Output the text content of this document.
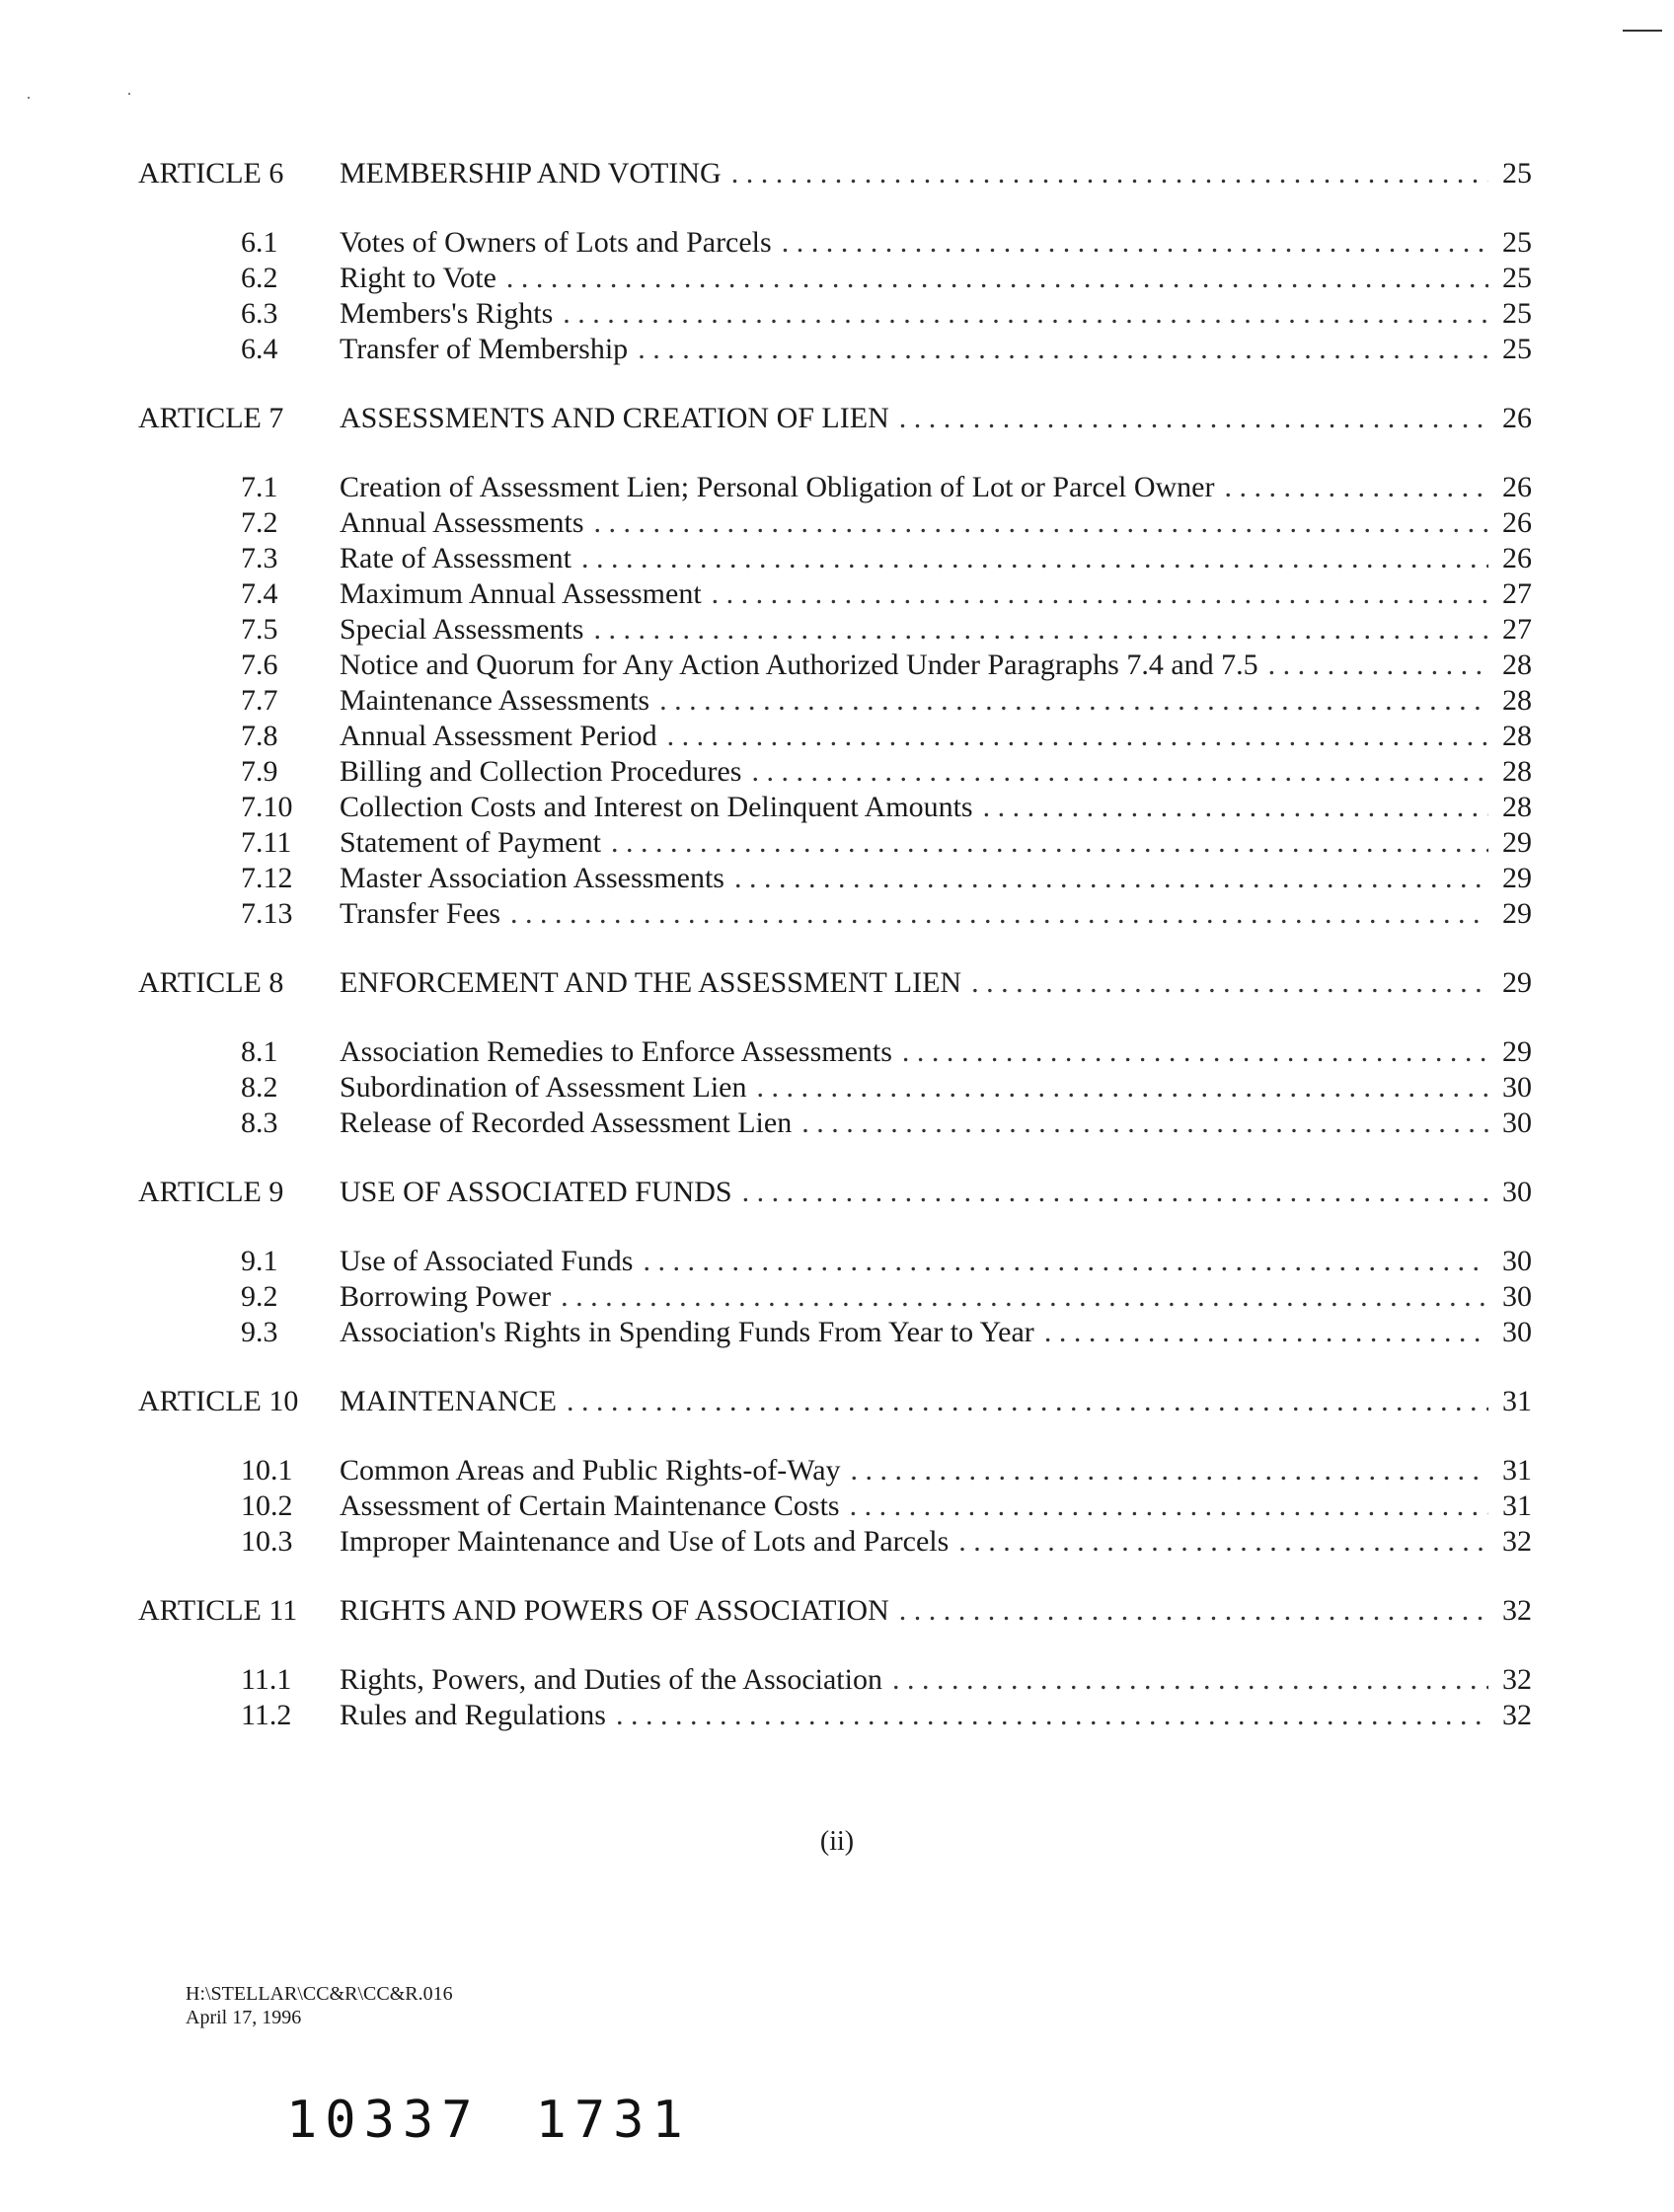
ARTICLE 6	MEMBERSHIP AND VOTING . . .	25
6.1	Votes of Owners of Lots and Parcels . . .	25
6.2	Right to Vote . . .	25
6.3	Members's Rights . . .	25
6.4	Transfer of Membership . . .	25
ARTICLE 7	ASSESSMENTS AND CREATION OF LIEN . . .	26
7.1	Creation of Assessment Lien; Personal Obligation of Lot or Parcel Owner . . .	26
7.2	Annual Assessments . . .	26
7.3	Rate of Assessment . . .	26
7.4	Maximum Annual Assessment . . .	27
7.5	Special Assessments . . .	27
7.6	Notice and Quorum for Any Action Authorized Under Paragraphs 7.4 and 7.5 . . .	28
7.7	Maintenance Assessments . . .	28
7.8	Annual Assessment Period . . .	28
7.9	Billing and Collection Procedures . . .	28
7.10	Collection Costs and Interest on Delinquent Amounts . . .	28
7.11	Statement of Payment . . .	29
7.12	Master Association Assessments . . .	29
7.13	Transfer Fees . . .	29
ARTICLE 8	ENFORCEMENT AND THE ASSESSMENT LIEN . . .	29
8.1	Association Remedies to Enforce Assessments . . .	29
8.2	Subordination of Assessment Lien . . .	30
8.3	Release of Recorded Assessment Lien . . .	30
ARTICLE 9	USE OF ASSOCIATED FUNDS . . .	30
9.1	Use of Associated Funds . . .	30
9.2	Borrowing Power . . .	30
9.3	Association's Rights in Spending Funds From Year to Year . . .	30
ARTICLE 10	MAINTENANCE . . .	31
10.1	Common Areas and Public Rights-of-Way . . .	31
10.2	Assessment of Certain Maintenance Costs . . .	31
10.3	Improper Maintenance and Use of Lots and Parcels . . .	32
ARTICLE 11	RIGHTS AND POWERS OF ASSOCIATION . . .	32
11.1	Rights, Powers, and Duties of the Association . . .	32
11.2	Rules and Regulations . . .	32
(ii)
H:\STELLAR\CC&R\CC&R.016
April 17, 1996
10337 1731
